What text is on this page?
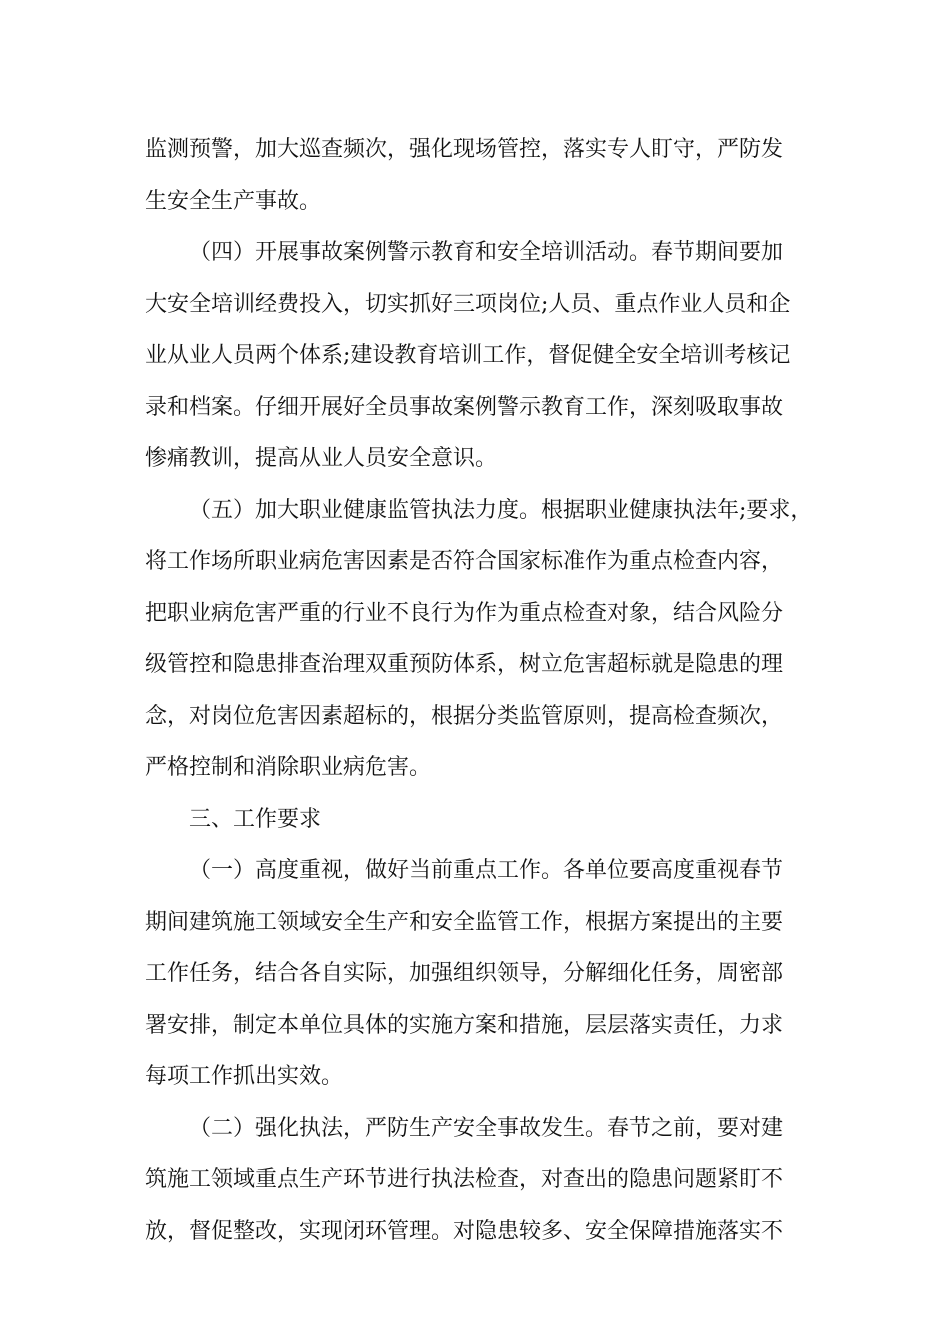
监测预警，加大巡查频次，强化现场管控，落实专人盯守，严防发
生安全生产事故。
（四）开展事故案例警示教育和安全培训活动。春节期间要加
大安全培训经费投入，切实抓好三项岗位;人员、重点作业人员和企
业从业人员两个体系;建设教育培训工作，督促健全安全培训考核记
录和档案。仔细开展好全员事故案例警示教育工作，深刻吸取事故
惨痛教训，提高从业人员安全意识。
（五）加大职业健康监管执法力度。根据职业健康执法年;要求，
将工作场所职业病危害因素是否符合国家标准作为重点检查内容，
把职业病危害严重的行业不良行为作为重点检查对象，结合风险分
级管控和隐患排查治理双重预防体系，树立危害超标就是隐患的理
念，对岗位危害因素超标的，根据分类监管原则，提高检查频次，
严格控制和消除职业病危害。
三、工作要求
（一）高度重视，做好当前重点工作。各单位要高度重视春节
期间建筑施工领域安全生产和安全监管工作，根据方案提出的主要
工作任务，结合各自实际，加强组织领导，分解细化任务，周密部
署安排，制定本单位具体的实施方案和措施，层层落实责任，力求
每项工作抓出实效。
（二）强化执法，严防生产安全事故发生。春节之前，要对建
筑施工领域重点生产环节进行执法检查，对查出的隐患问题紧盯不
放，督促整改，实现闭环管理。对隐患较多、安全保障措施落实不
